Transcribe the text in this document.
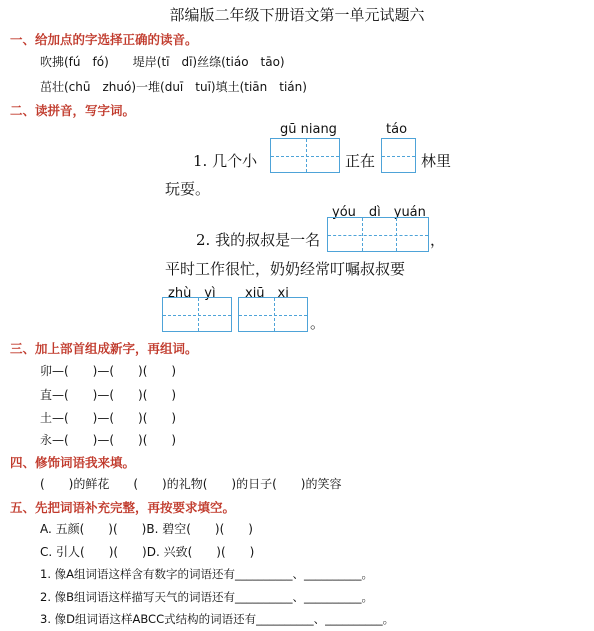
部编版二年级下册语文第一单元试题六
一、给加点的字选择正确的读音。
吹拂(fú　fó)　　堤岸(tī　dī)丝绦(tiáo　tāo)
茁壮(chū　zhuó)一堆(duī　tuī)填土(tiān　tián)
二、读拼音，写字词。
gū niang	táo
1. 几个小	正在	林里
玩耍。
yóu　dì　yuán
2. 我的叔叔是一名	，
平时工作很忙，奶奶经常叮嘱叔叔要
zhù　yì xiū　xi
。
三、加上部首组成新字，再组词。
卯—(　　)—(　　)(　　)
直—(　　)—(　　)(　　)
土—(　　)—(　　)(　　)
永—(　　)—(　　)(　　)
四、修饰词语我来填。
(　　)的鲜花　　(　　)的礼物(　　)的日子(　　)的笑容
五、先把词语补充完整，再按要求填空。
A. 五颜(　　)(　　)B. 碧空(　　)(　　)
C. 引人(　　)(　　)D. 兴致(　　)(　　)
1. 像A组词语这样含有数字的词语还有__________、__________。
2. 像B组词语这样描写天气的词语还有__________、__________。
3. 像D组词语这样ABCC式结构的词语还有__________、__________。
